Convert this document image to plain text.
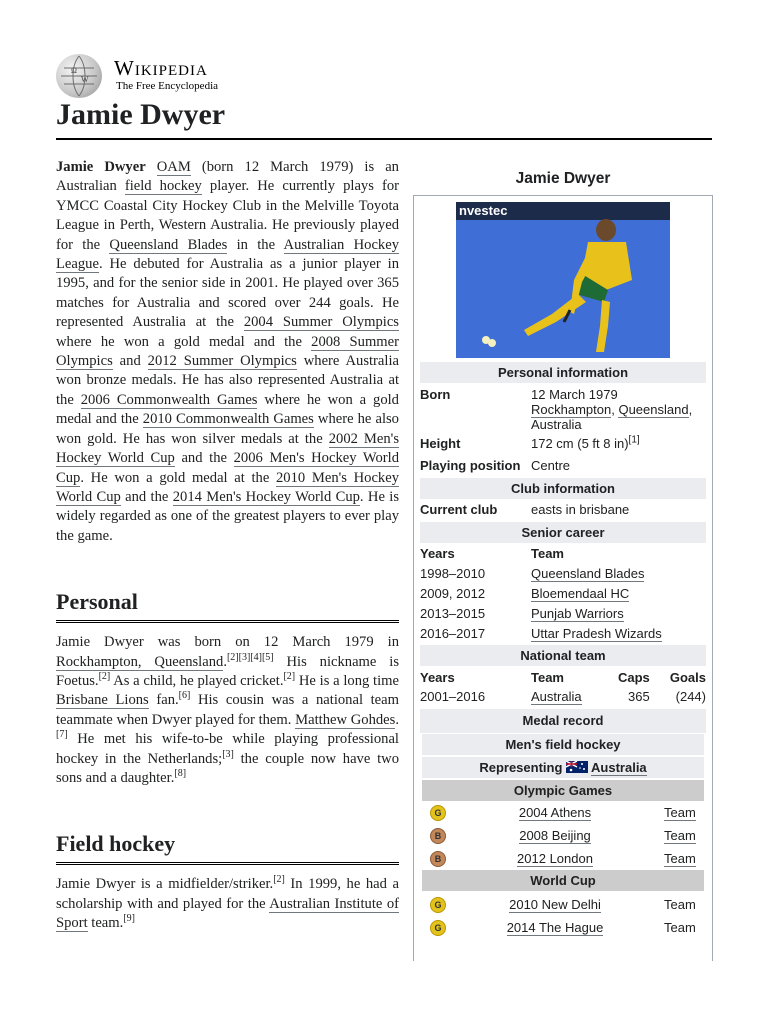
Ω
W Wikipedia
The Free Encyclopedia
Jamie Dwyer

Jamie Dwyer OAM (born 12 March 1979) is an Australian field hockey player. He currently plays for YMCC Coastal City Hockey Club in the Melville Toyota League in Perth, Western Australia. He previously played for the Queensland Blades in the Australian Hockey League. He debuted for Australia as a junior player in 1995, and for the senior side in 2001. He played over 365 matches for Australia and scored over 244 goals. He represented Australia at the 2004 Summer Olympics where he won a gold medal and the 2008 Summer Olympics and 2012 Summer Olympics where Australia won bronze medals. He has also represented Australia at the 2006 Commonwealth Games where he won a gold medal and the 2010 Commonwealth Games where he also won gold. He has won silver medals at the 2002 Men's Hockey World Cup and the 2006 Men's Hockey World Cup. He won a gold medal at the 2010 Men's Hockey World Cup and the 2014 Men's Hockey World Cup. He is widely regarded as one of the greatest players to ever play the game.

Personal

Jamie Dwyer was born on 12 March 1979 in Rockhampton, Queensland.[2][3][4][5] His nickname is Foetus.[2] As a child, he played cricket.[2] He is a long time Brisbane Lions fan.[6] His cousin was a national team teammate when Dwyer played for them. Matthew Gohdes.[7] He met his wife-to-be while playing professional hockey in the Netherlands;[3] the couple now have two sons and a daughter.[8]

Field hockey

Jamie Dwyer is a midfielder/striker.[2] In 1999, he had a scholarship with and played for the Australian Institute of Sport team.[9]

Jamie Dwyer
nvestec
Personal information
Born	12 March 1979
Rockhampton, Queensland,
Australia
Height	172 cm (5 ft 8 in)[1]
Playing position Centre
Club information
Current club	easts in brisbane
Senior career
Years	Team
1998–2010	Queensland Blades
2009, 2012	Bloemendaal HC
2013–2015	Punjab Warriors
2016–2017	Uttar Pradesh Wizards
National team
Years	Team	Caps Goals
2001–2016	Australia	365 (244)
Medal record
Men's field hockey
Representing Australia
Olympic Games
G	2004 Athens	Team
B	2008 Beijing	Team
B	2012 London	Team
World Cup
G	2010 New Delhi	Team
G	2014 The Hague	Team
